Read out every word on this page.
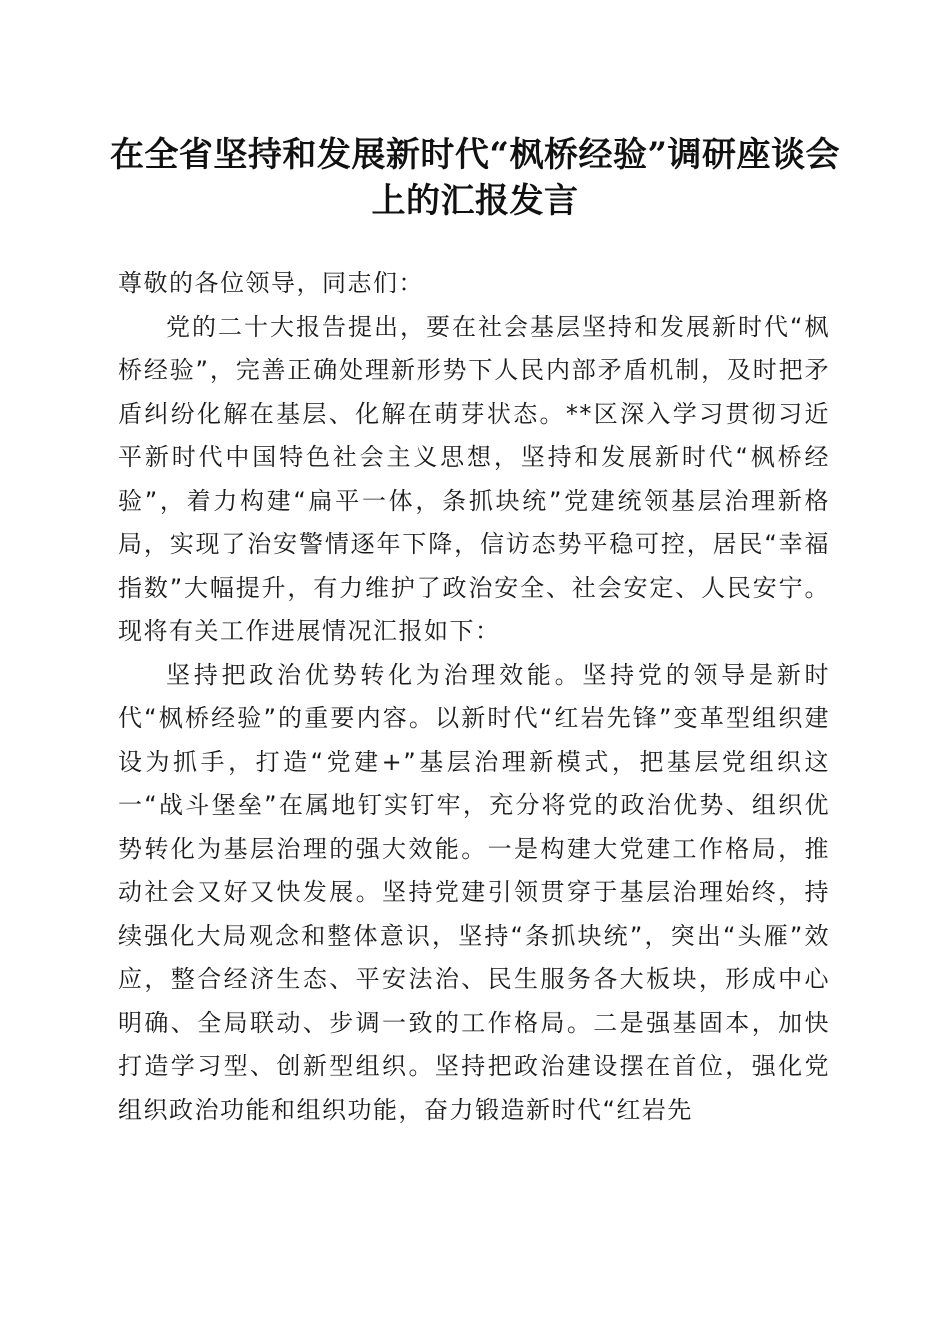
在全省坚持和发展新时代“枫桥经验”调研座谈会上的汇报发言

尊敬的各位领导，同志们：

党的二十大报告提出，要在社会基层坚持和发展新时代“枫桥经验”，完善正确处理新形势下人民内部矛盾机制，及时把矛盾纠纷化解在基层、化解在萌芽状态。**区深入学习贯彻习近平新时代中国特色社会主义思想，坚持和发展新时代“枫桥经验”，着力构建“扁平一体，条抓块统”党建统领基层治理新格局，实现了治安警情逐年下降，信访态势平稳可控，居民“幸福指数”大幅提升，有力维护了政治安全、社会安定、人民安宁。现将有关工作进展情况汇报如下：

坚持把政治优势转化为治理效能。坚持党的领导是新时代“枫桥经验”的重要内容。以新时代“红岩先锋”变革型组织建设为抓手，打造“党建+”基层治理新模式，把基层党组织这一“战斗堡垒”在属地钉实钉牢，充分将党的政治优势、组织优势转化为基层治理的强大效能。一是构建大党建工作格局，推动社会又好又快发展。坚持党建引领贯穿于基层治理始终，持续强化大局观念和整体意识，坚持“条抓块统”，突出“头雁”效应，整合经济生态、平安法治、民生服务各大板块，形成中心明确、全局联动、步调一致的工作格局。二是强基固本，加快打造学习型、创新型组织。坚持把政治建设摆在首位，强化党组织政治功能和组织功能，奋力锻造新时代“红岩先
